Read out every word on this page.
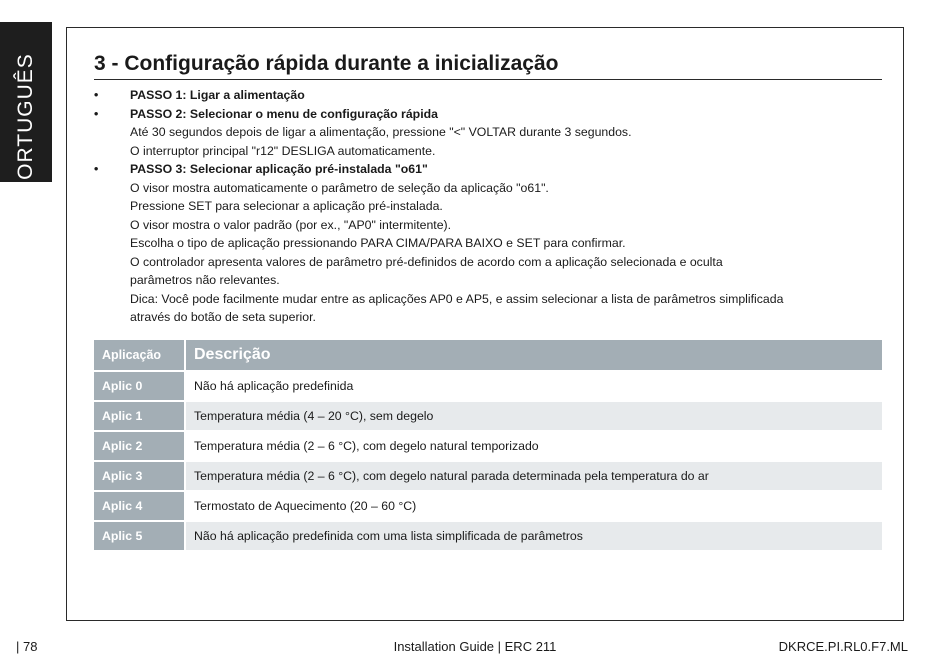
PORTUGUÊS	3 - Configuração rápida durante a inicialização
•	PASSO 1: Ligar a alimentação
•	PASSO 2: Selecionar o menu de configuração rápida
Até 30 segundos depois de ligar a alimentação, pressione "<" VOLTAR durante 3 segundos.
O interruptor principal "r12" DESLIGA automaticamente.
•	PASSO 3: Selecionar aplicação pré-instalada "o61"
O visor mostra automaticamente o parâmetro de seleção da aplicação "o61".
Pressione SET para selecionar a aplicação pré-instalada.
O visor mostra o valor padrão (por ex., "AP0" intermitente).
Escolha o tipo de aplicação pressionando PARA CIMA/PARA BAIXO e SET para confirmar.
O controlador apresenta valores de parâmetro pré-definidos de acordo com a aplicação selecionada e oculta
parâmetros não relevantes.
Dica: Você pode facilmente mudar entre as aplicações AP0 e AP5, e assim selecionar a lista de parâmetros simplificada
através do botão de seta superior.
Aplicação	Descrição
Aplic 0	Não há aplicação predefinida
Aplic 1	Temperatura média (4 – 20 °C), sem degelo
Aplic 2	Temperatura média (2 – 6 °C), com degelo natural temporizado
Aplic 3	Temperatura média (2 – 6 °C), com degelo natural parada determinada pela temperatura do ar
Aplic 4	Termostato de Aquecimento (20 – 60 °C)
Aplic 5	Não há aplicação predefinida com uma lista simplificada de parâmetros
Installation Guide | ERC 211
| 78	DKRCE.PI.RL0.F7.ML
